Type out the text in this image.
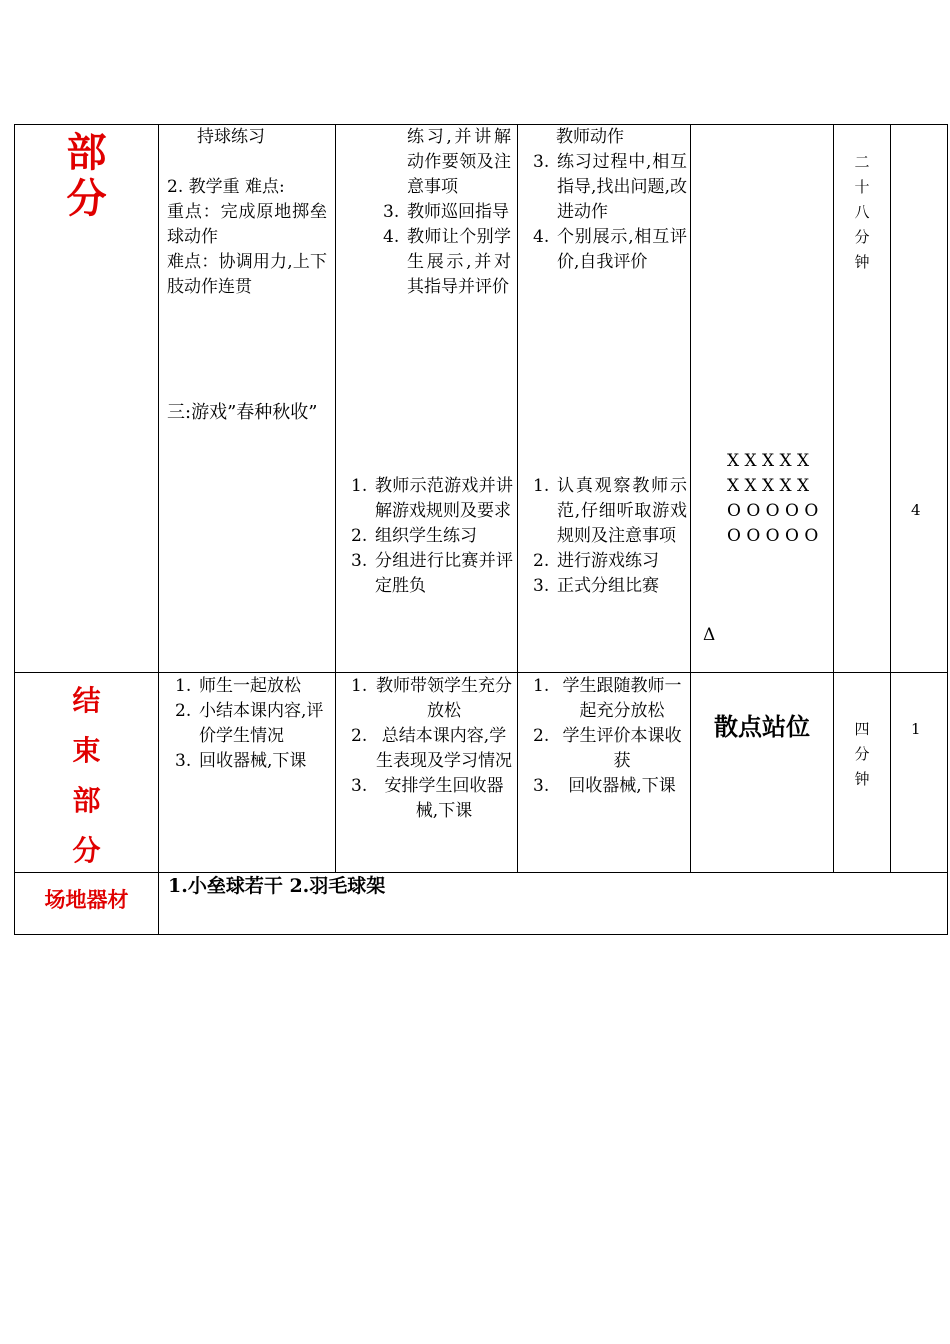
部
分
持球练习
2. 教学重 难点:
重点：完成原地掷垒球动作
难点：协调用力,上下肢动作连贯
三:游戏”春种秋收”
练习,并讲解动作要领及注意事项
3. 教师巡回指导
4. 教师让个别学生展示,并对其指导并评价
教师动作
3. 练习过程中,相互指导,找出问题,改进动作
4. 个别展示,相互评价,自我评价
1. 教师示范游戏并讲解游戏规则及要求
2. 组织学生练习
3. 分组进行比赛并评定胜负
1. 认真观察教师示范,仔细听取游戏规则及注意事项
2. 进行游戏练习
3. 正式分组比赛
X X X X X
X X X X X
O O O O O
O O O O O
Δ
二
十
八
分
钟
4
结
束
部
分
1. 师生一起放松
2. 小结本课内容,评价学生情况
3. 回收器械,下课
1. 教师带领学生充分放松
2. 总结本课内容,学生表现及学习情况
3. 安排学生回收器械,下课
1. 学生跟随教师一起充分放松
2. 学生评价本课收获
3. 回收器械,下课
散点站位	四
分
钟
1
场地器材
1.小垒球若干 2.羽毛球架
